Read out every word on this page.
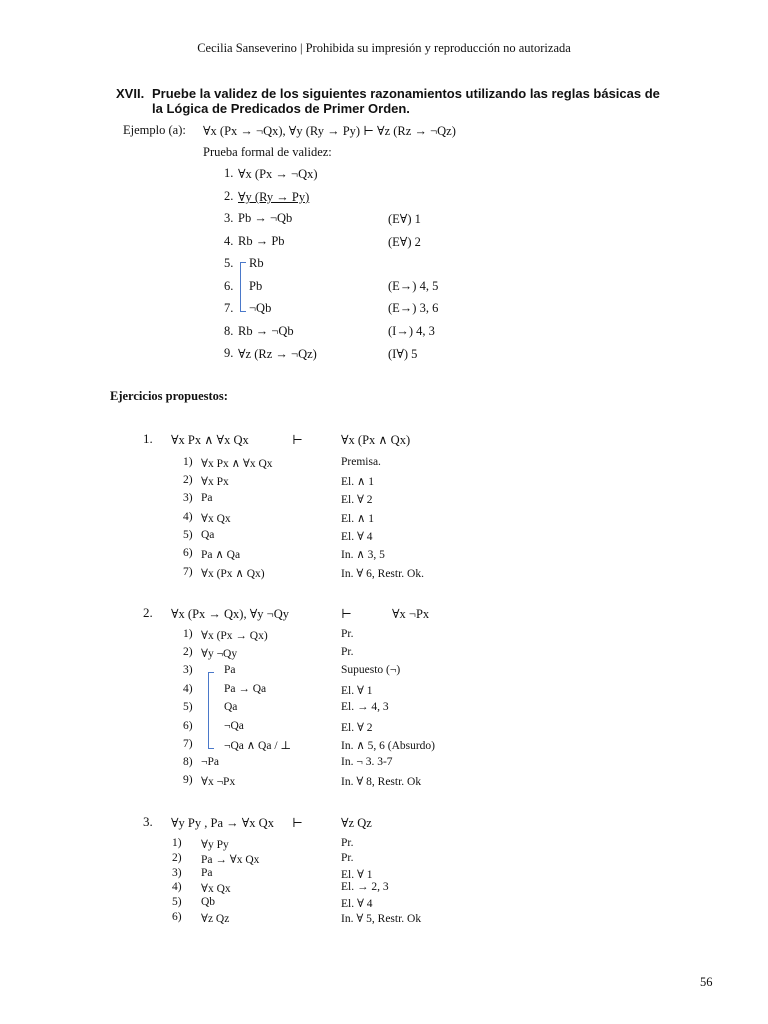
Cecilia Sanseverino | Prohibida su impresión y reproducción no autorizada
XVII. Pruebe la validez de los siguientes razonamientos utilizando las reglas básicas de
la Lógica de Predicados de Primer Orden.
Ejemplo (a): ∀x (Px → ¬Qx), ∀y (Ry → Py) ⊢ ∀z (Rz → ¬Qz)
Prueba formal de validez:
1. ∀x (Px → ¬Qx)
2. ∀y (Ry → Py)
3. Pb → ¬Qb	(E∀) 1
4. Rb → Pb	(E∀) 2
5. Rb
6. Pb	(E→) 4, 5
7. ¬Qb	(E→) 3, 6
8. Rb → ¬Qb	(I→) 4, 3
9. ∀z (Rz → ¬Qz)	(I∀) 5
Ejercicios propuestos:
1. ∀x Px ∧ ∀x Qx	⊢	∀x (Px ∧ Qx)
1) ∀x Px ∧ ∀x Qx	Premisa.
2) ∀x Px	El. ∧ 1
3) Pa	El. ∀ 2
4) ∀x Qx	El. ∧ 1
5) Qa	El. ∀ 4
6) Pa ∧ Qa	In. ∧ 3, 5
7) ∀x (Px ∧ Qx)	In. ∀ 6, Restr. Ok.
2. ∀x (Px → Qx), ∀y ¬Qy	⊢	∀x ¬Px
1) ∀x (Px → Qx)	Pr.
2) ∀y ¬Qy	Pr.
3)	Pa	Supuesto (¬)
4)	Pa → Qa	El. ∀ 1
5)	Qa	El. → 4, 3
6)	¬Qa	El. ∀ 2
7)	¬Qa ∧ Qa / ⊥	In. ∧ 5, 6 (Absurdo)
8) ¬Pa	In. ¬ 3. 3-7
9) ∀x ¬Px	In. ∀ 8, Restr. Ok
3. ∀y Py , Pa → ∀x Qx ⊢	∀z Qz
1) ∀y Py	Pr.
2) Pa → ∀x Qx	Pr.
3) Pa	El. ∀ 1
4) ∀x Qx	El. → 2, 3
5) Qb	El. ∀ 4
6) ∀z Qz	In. ∀ 5, Restr. Ok
56
